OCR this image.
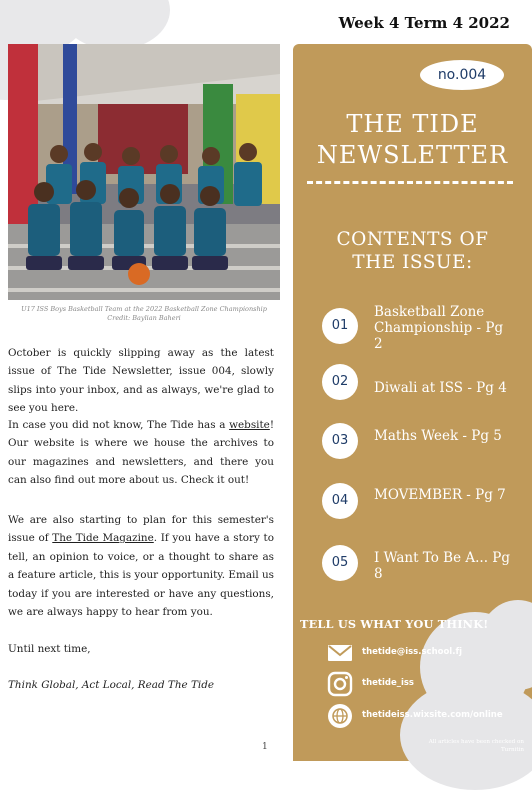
Week 4 Term 4 2022
U17 ISS Boys Basketball Team at the 2022 Basketball Zone Championship
Credit: Baylian Baheri
October is quickly slipping away as the latest issue of The Tide Newsletter, issue 004, slowly slips into your inbox, and as always, we're glad to see you here.
In case you did not know, The Tide has a website! Our website is where we house the archives to our magazines and newsletters, and there you can also find out more about us. Check it out!
We are also starting to plan for this semester's issue of The Tide Magazine. If you have a story to tell, an opinion to voice, or a thought to share as a feature article, this is your opportunity. Email us today if you are interested or have any questions, we are always happy to hear from you.
Until next time,
Think Global, Act Local, Read The Tide
1
no.004
THE TIDE
NEWSLETTER
CONTENTS OF
THE ISSUE:
01
Basketball Zone Championship - Pg 2
02	Diwali at ISS - Pg 4
03	Maths Week - Pg 5
04	MOVEMBER - Pg 7
05	I Want To Be A... Pg 8
TELL US WHAT YOU THINK!
thetide@iss.school.fj
thetide_iss
thetideiss.wixsite.com/online
All articles have been checked on Turnitin
